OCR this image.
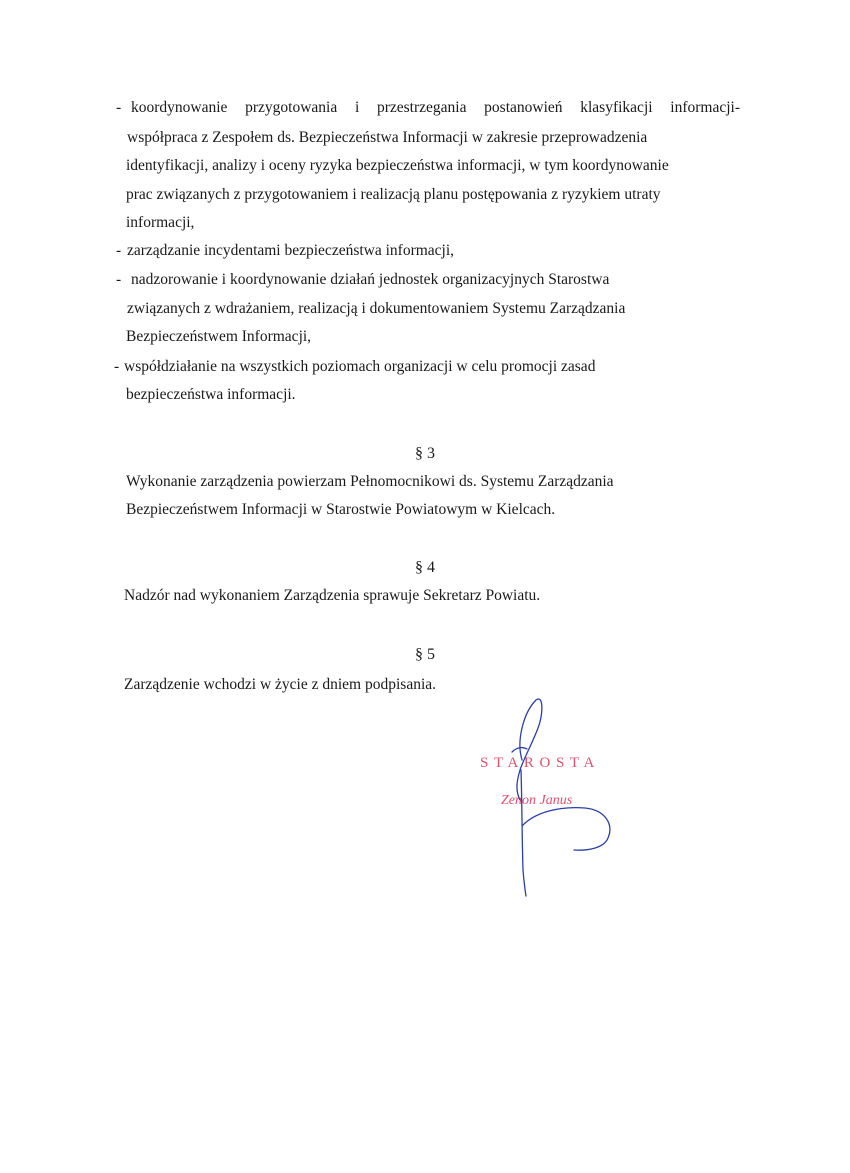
- koordynowanie przygotowania i przestrzegania postanowień klasyfikacji informacji-
współpraca z Zespołem ds. Bezpieczeństwa Informacji w zakresie przeprowadzenia
identyfikacji, analizy i oceny ryzyka bezpieczeństwa informacji, w tym koordynowanie
prac związanych z przygotowaniem i realizacją planu postępowania z ryzykiem utraty
informacji,
- zarządzanie incydentami bezpieczeństwa informacji,
- nadzorowanie i koordynowanie działań jednostek organizacyjnych Starostwa
związanych z wdrażaniem, realizacją i dokumentowaniem Systemu Zarządzania
Bezpieczeństwem Informacji,
- współdziałanie na wszystkich poziomach organizacji w celu promocji zasad
bezpieczeństwa informacji.
§ 3
Wykonanie zarządzenia powierzam Pełnomocnikowi ds. Systemu Zarządzania
Bezpieczeństwem Informacji w Starostwie Powiatowym w Kielcach.
§ 4
Nadzór nad wykonaniem Zarządzenia sprawuje Sekretarz Powiatu.
§ 5
Zarządzenie wchodzi w życie z dniem podpisania.
STAROSTA
Zenon Janus
